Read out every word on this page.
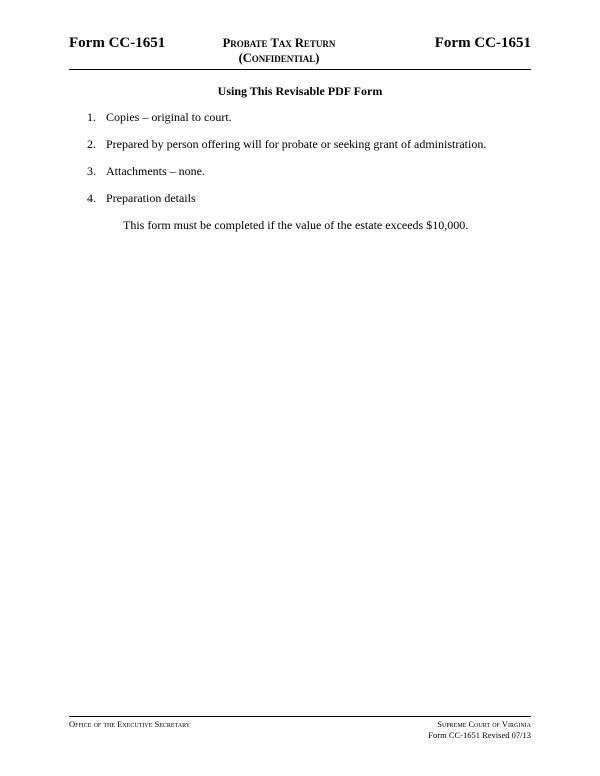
Form CC-1651	Probate Tax Return
(Confidential)
Form CC-1651
Using This Revisable PDF Form
1. Copies – original to court.
2. Prepared by person offering will for probate or seeking grant of administration.
3. Attachments – none.
4. Preparation details
This form must be completed if the value of the estate exceeds $10,000.
Office of the Executive Secretary	Supreme Court of Virginia
Form CC-1651 Revised 07/13
